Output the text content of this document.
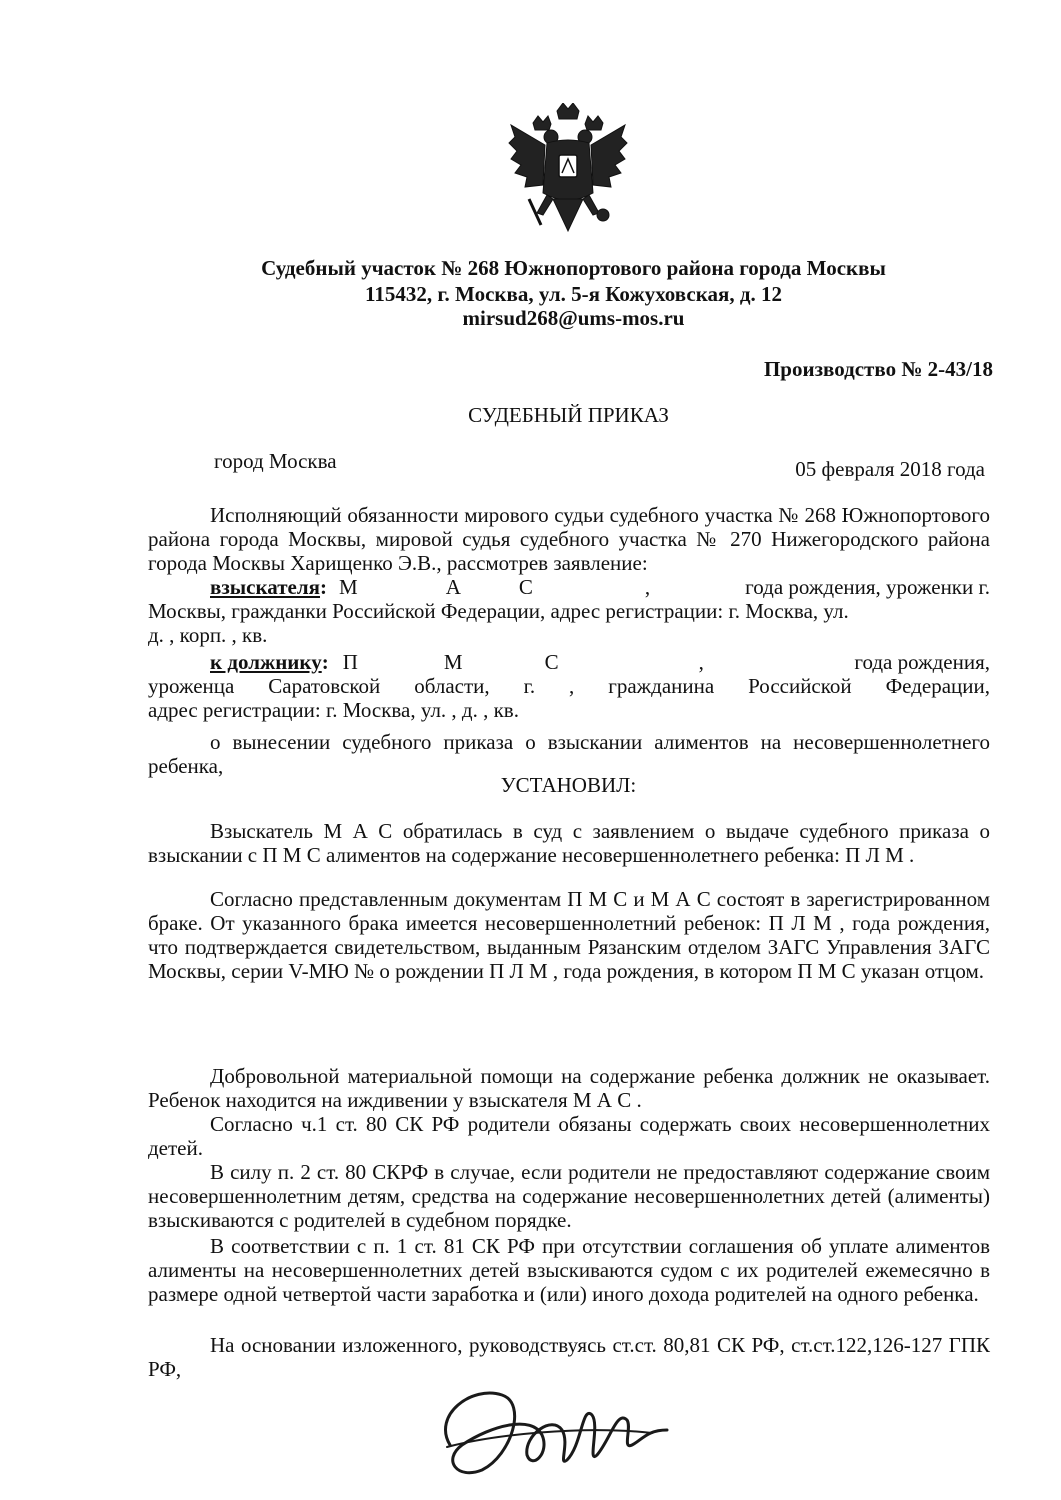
Судебный участок № 268 Южнопортового района города Москвы
115432, г. Москва, ул. 5-я Кожуховская, д. 12
mirsud268@ums-mos.ru
Производство № 2-43/18
СУДЕБНЫЙ ПРИКАЗ
город Москва	05 февраля 2018 года
Исполняющий обязанности мирового судьи судебного участка № 268 Южнопортового района города Москвы, мировой судья судебного участка № 270 Нижегородского района города Москвы Харищенко Э.В., рассмотрев заявление:
взыскателя : М	А	С	,	года рождения, уроженки г.
Москвы, гражданки Российской Федерации, адрес регистрации: г. Москва, ул.
д. , корп. , кв.
к должнику : П	М	С	,	года рождения,
уроженца Саратовской области, г. , гражданина Российской Федерации,
адрес регистрации: г. Москва, ул. , д. , кв.
о вынесении судебного приказа о взыскании алиментов на несовершеннолетнего ребенка,
УСТАНОВИЛ:
Взыскатель М А С обратилась в суд с заявлением о выдаче судебного приказа о взыскании с П М С алиментов на содержание несовершеннолетнего ребенка: П Л М .
Согласно представленным документам П М С и М А С состоят в зарегистрированном браке. От указанного брака имеется несовершеннолетний ребенок: П Л М , года рождения, что подтверждается свидетельством, выданным Рязанским отделом ЗАГС Управления ЗАГС Москвы, серии V-МЮ № о рождении П Л М , года рождения, в котором П М С указан отцом.
Добровольной материальной помощи на содержание ребенка должник не оказывает. Ребенок находится на иждивении у взыскателя М А С .
Согласно ч.1 ст. 80 СК РФ родители обязаны содержать своих несовершеннолетних детей.
В силу п. 2 ст. 80 СКРФ в случае, если родители не предоставляют содержание своим несовершеннолетним детям, средства на содержание несовершеннолетних детей (алименты) взыскиваются с родителей в судебном порядке.
В соответствии с п. 1 ст. 81 СК РФ при отсутствии соглашения об уплате алиментов алименты на несовершеннолетних детей взыскиваются судом с их родителей ежемесячно в размере одной четвертой части заработка и (или) иного дохода родителей на одного ребенка.
На основании изложенного, руководствуясь ст.ст. 80,81 СК РФ, ст.ст.122,126-127 ГПК РФ,
